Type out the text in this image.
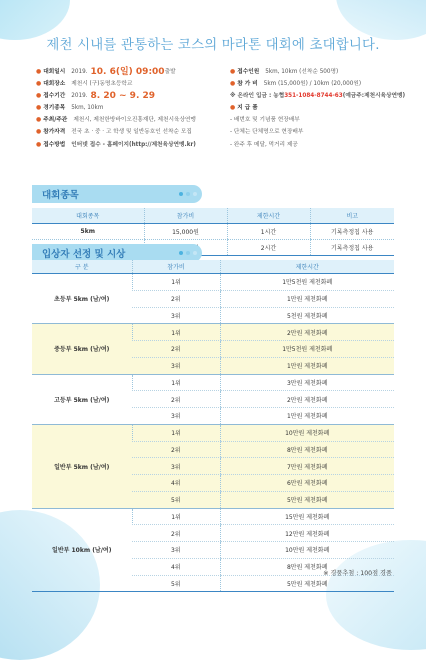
제천 시내를 관통하는 코스의 마라톤 대회에 초대합니다.
● 대회일시 2019. 10. 6(일) 09:00 출발
● 대회장소 제천시 (구)동명초등학교
● 접수기간 2019. 8. 20 ~ 9. 29
● 경기종목 5km, 10km
● 주최/주관 제천시, 제천한방바이오진흥재단, 제천시육상연맹
● 참가자격 전국 초 · 중 · 고 학생 및 일반동호인 선착순 모집
● 접수방법 인터넷 접수 - 홈페이지(http://제천육상연맹.kr)
● 접수인원 5km, 10km (선착순 500명)
● 참 가 비 5km (15,000원) / 10km (20,000원)
※ 온라인 입금 : 농협 351-1084-8744-63 (예금주:제천시육상연맹)
● 지 급 품
- 배번호 및 기념품 현장배부
- 단체는 단체명으로 현장배부
- 완주 후 메달, 먹거리 제공
대회종목
대회종목	참가비	제한시간	비고
5km	15,000원	1시간	기록측정칩 사용
		2시간	기록측정칩 사용
입상자 선정 및 시상
구 분	참가비	제한시간
초등부 5km (남/여)	1위	1만5천원 제천화폐
	2위	1만원 제천화폐
	3위	5천원 제천화폐
중등부 5km (남/여)	1위	2만원 제천화폐
	2위	1만5천원 제천화폐
	3위	1만원 제천화폐
고등부 5km (남/여)	1위	3만원 제천화폐
	2위	2만원 제천화폐
	3위	1만원 제천화폐
일반부 5km (남/여)	1위	10만원 제천화폐
	2위	8만원 제천화폐
	3위	7만원 제천화폐
	4위	6만원 제천화폐
	5위	5만원 제천화폐
일반부 10km (남/여)	1위	15만원 제천화폐
	2위	12만원 제천화폐
	3위	10만원 제천화폐
	4위	8만원 제천화폐
	5위	5만원 제천화폐
※ 경품추첨 : 100점 경품
